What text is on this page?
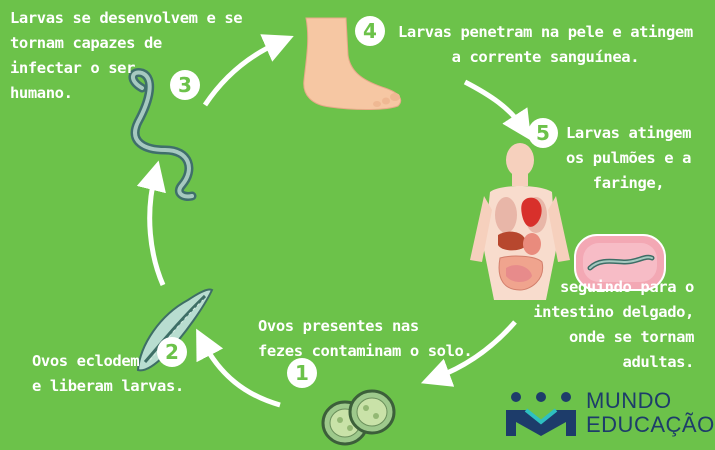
1
2
3
4
5
Larvas se desenvolvem e se
tornam capazes de
infectar o ser
humano.
Larvas penetram na pele e atingem
a corrente sanguínea.
Larvas atingem
os pulmões e a
faringe,
seguindo para o
intestino delgado,
onde se tornam adultas.
Ovos presentes nas
fezes contaminam o solo.
Ovos eclodem
e liberam larvas.
MUNDO
EDUCAÇÃO
